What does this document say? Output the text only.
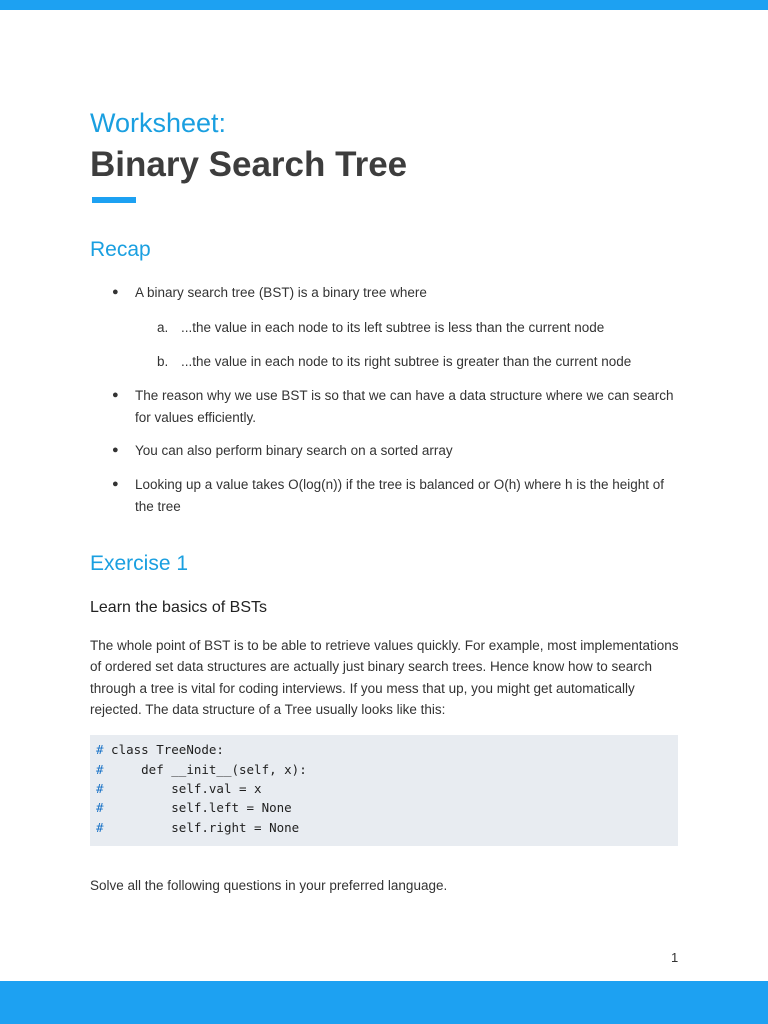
Worksheet:
Binary Search Tree
Recap
● A binary search tree (BST) is a binary tree where
a. ...the value in each node to its left subtree is less than the current node
b. ...the value in each node to its right subtree is greater than the current node
● The reason why we use BST is so that we can have a data structure where we can search for values efficiently.
● You can also perform binary search on a sorted array
● Looking up a value takes O(log(n)) if the tree is balanced or O(h) where h is the height of the tree
Exercise 1
Learn the basics of BSTs
The whole point of BST is to be able to retrieve values quickly. For example, most implementations of ordered set data structures are actually just binary search trees. Hence know how to search through a tree is vital for coding interviews. If you mess that up, you might get automatically rejected. The data structure of a Tree usually looks like this:
# class TreeNode:
#     def __init__(self, x):
#         self.val = x
#         self.left = None
#         self.right = None
Solve all the following questions in your preferred language.
1
